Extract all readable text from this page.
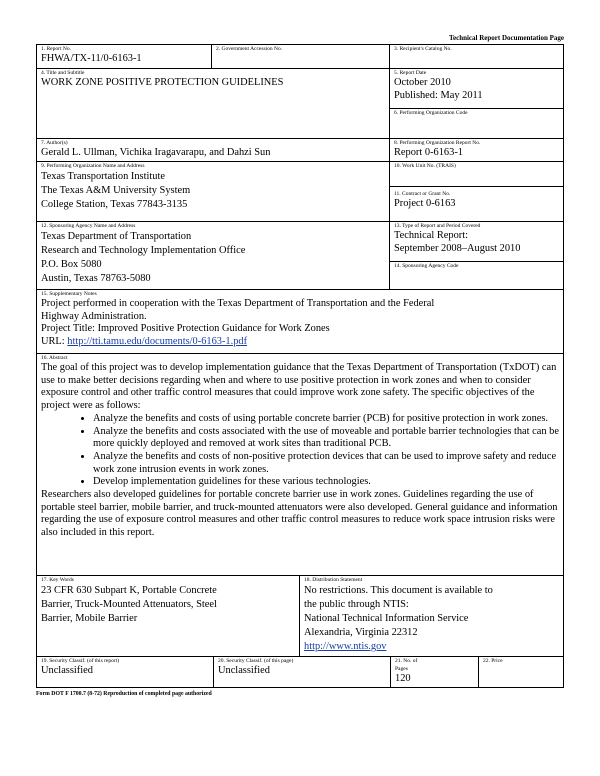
Technical Report Documentation Page
1. Report No.
FHWA/TX-11/0-6163-1
2. Government Accession No.	3. Recipient's Catalog No.
4. Title and Subtitle
WORK ZONE POSITIVE PROTECTION GUIDELINES
5. Report Date
October 2010
Published: May 2011
6. Performing Organization Code
7. Author(s)
Gerald L. Ullman, Vichika Iragavarapu, and Dahzi Sun
8. Performing Organization Report No.
Report 0-6163-1
9. Performing Organization Name and Address
Texas Transportation Institute
The Texas A&M University System
College Station, Texas 77843-3135
10. Work Unit No. (TRAIS)
11. Contract or Grant No.
Project 0-6163
12. Sponsoring Agency Name and Address
Texas Department of Transportation
Research and Technology Implementation Office
P.O. Box 5080
Austin, Texas 78763-5080
13. Type of Report and Period Covered
Technical Report:
September 2008–August 2010
14. Sponsoring Agency Code
15. Supplementary Notes
Project performed in cooperation with the Texas Department of Transportation and the Federal
Highway Administration.
Project Title: Improved Positive Protection Guidance for Work Zones
URL: http://tti.tamu.edu/documents/0-6163-1.pdf
16. Abstract

The goal of this project was to develop implementation guidance that the Texas Department of Transportation (TxDOT) can use to make better decisions regarding when and where to use positive protection in work zones and when to consider exposure control and other traffic control measures that could improve work zone safety. The specific objectives of the project were as follows:

• Analyze the benefits and costs of using portable concrete barrier (PCB) for positive protection in work zones.
• Analyze the benefits and costs associated with the use of moveable and portable barrier technologies that can be more quickly deployed and removed at work sites than traditional PCB.
• Analyze the benefits and costs of non-positive protection devices that can be used to improve safety and reduce work zone intrusion events in work zones.
• Develop implementation guidelines for these various technologies.

Researchers also developed guidelines for portable concrete barrier use in work zones. Guidelines regarding the use of portable steel barrier, mobile barrier, and truck-mounted attenuators were also developed. General guidance and information regarding the use of exposure control measures and other traffic control measures to reduce work space intrusion risks were also included in this report.

17. Key Words
23 CFR 630 Subpart K, Portable Concrete
Barrier, Truck-Mounted Attenuators, Steel
Barrier, Mobile Barrier
18. Distribution Statement
No restrictions. This document is available to
the public through NTIS:
National Technical Information Service
Alexandria, Virginia 22312
http://www.ntis.gov
19. Security Classif. (of this report)
Unclassified
20. Security Classif. (of this page)
Unclassified
21. No. of
Pages
120
22. Price
Form DOT F 1700.7 (8-72) Reproduction of completed page authorized
